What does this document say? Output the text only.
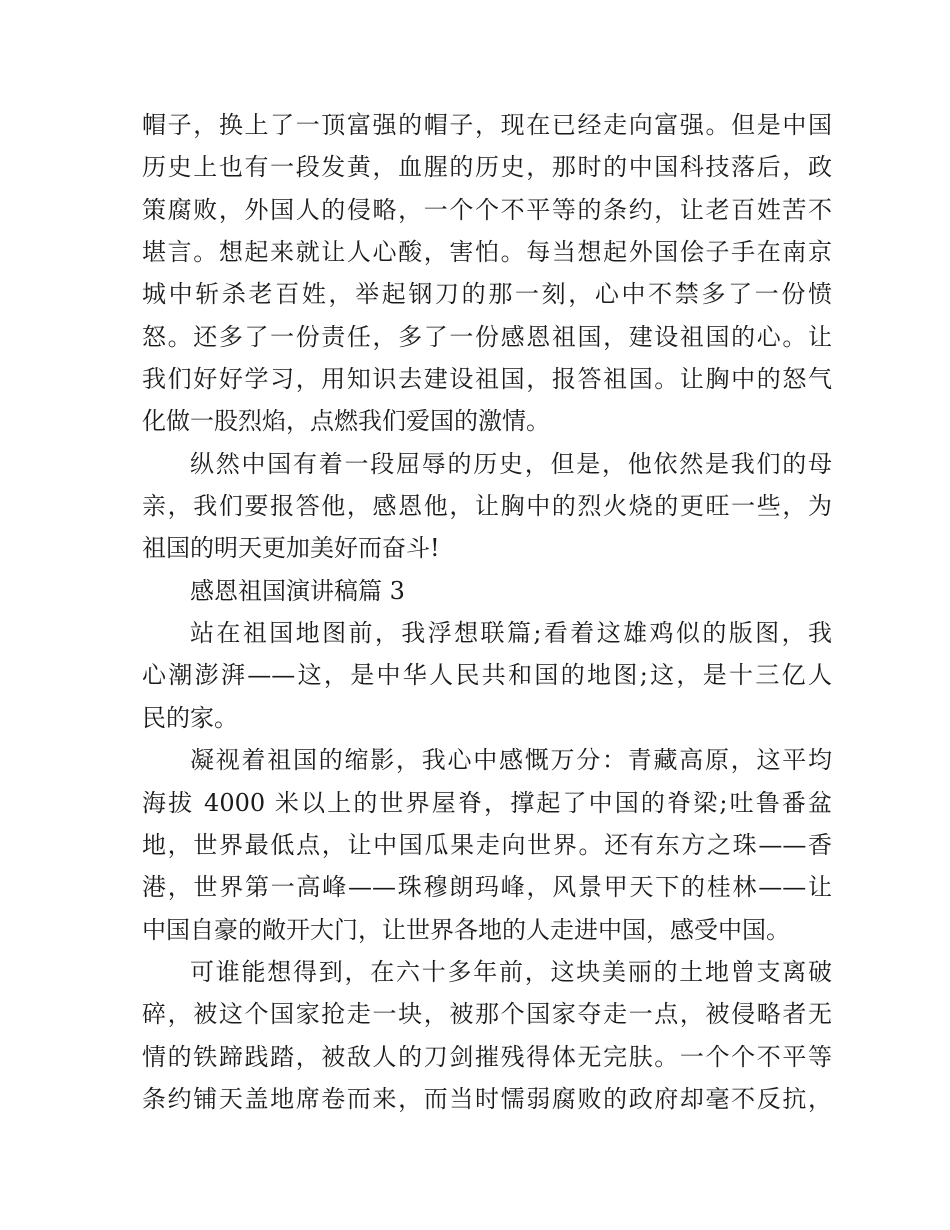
帽子，换上了一顶富强的帽子，现在已经走向富强。但是中国
历史上也有一段发黄，血腥的历史，那时的中国科技落后，政
策腐败，外国人的侵略，一个个不平等的条约，让老百姓苦不
堪言。想起来就让人心酸，害怕。每当想起外国侩子手在南京
城中斩杀老百姓，举起钢刀的那一刻，心中不禁多了一份愤
怒。还多了一份责任，多了一份感恩祖国，建设祖国的心。让
我们好好学习，用知识去建设祖国，报答祖国。让胸中的怒气
化做一股烈焰，点燃我们爱国的激情。
纵然中国有着一段屈辱的历史，但是，他依然是我们的母
亲，我们要报答他，感恩他，让胸中的烈火烧的更旺一些，为
祖国的明天更加美好而奋斗!
感恩祖国演讲稿篇 3
站在祖国地图前，我浮想联篇;看着这雄鸡似的版图，我
心潮澎湃——这，是中华人民共和国的地图;这，是十三亿人
民的家。
凝视着祖国的缩影，我心中感慨万分：青藏高原，这平均
海拔 4000 米以上的世界屋脊，撑起了中国的脊梁;吐鲁番盆
地，世界最低点，让中国瓜果走向世界。还有东方之珠——香
港，世界第一高峰——珠穆朗玛峰，风景甲天下的桂林——让
中国自豪的敞开大门，让世界各地的人走进中国，感受中国。
可谁能想得到，在六十多年前，这块美丽的土地曾支离破
碎，被这个国家抢走一块，被那个国家夺走一点，被侵略者无
情的铁蹄践踏，被敌人的刀剑摧残得体无完肤。一个个不平等
条约铺天盖地席卷而来，而当时懦弱腐败的政府却毫不反抗，
